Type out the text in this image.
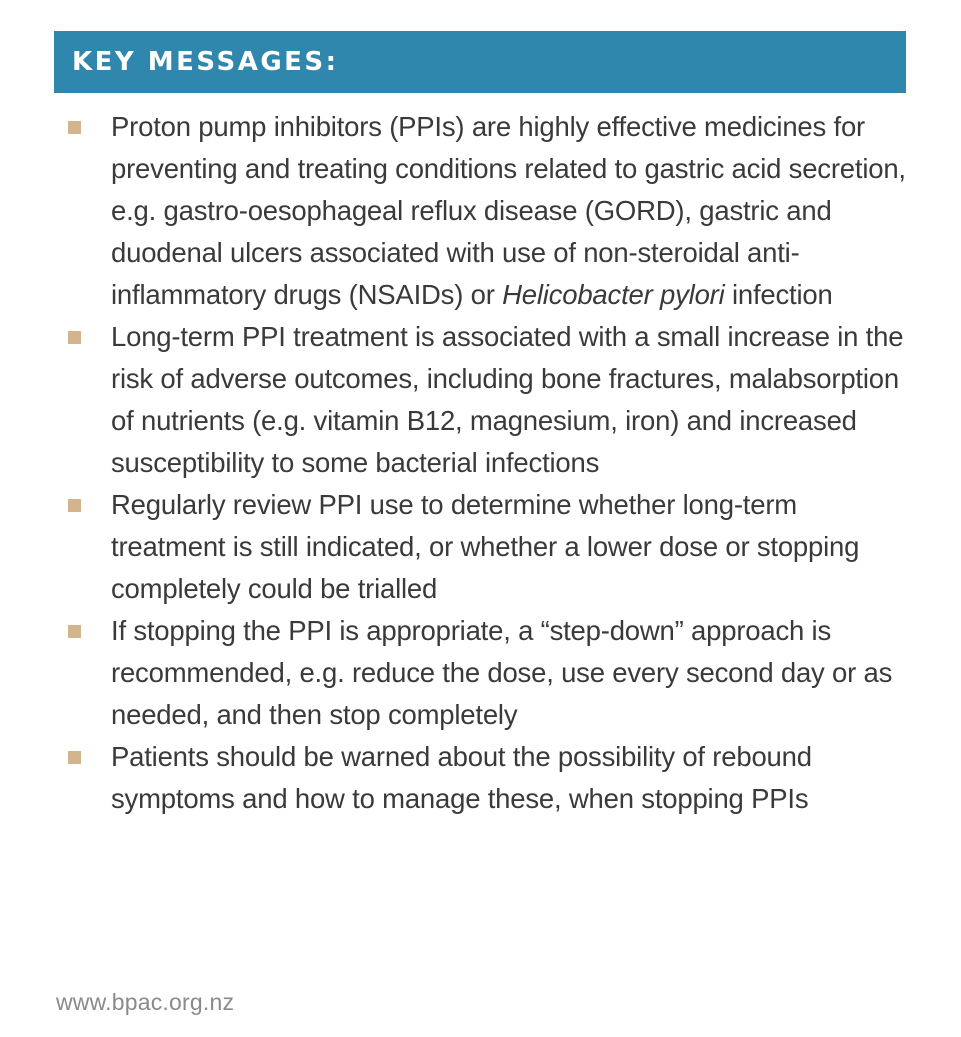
KEY MESSAGES:
Proton pump inhibitors (PPIs) are highly effective medicines for preventing and treating conditions related to gastric acid secretion, e.g. gastro-oesophageal reflux disease (GORD), gastric and duodenal ulcers associated with use of non-steroidal anti-inflammatory drugs (NSAIDs) or Helicobacter pylori infection
Long-term PPI treatment is associated with a small increase in the risk of adverse outcomes, including bone fractures, malabsorption of nutrients (e.g. vitamin B12, magnesium, iron) and increased susceptibility to some bacterial infections
Regularly review PPI use to determine whether long-term treatment is still indicated, or whether a lower dose or stopping completely could be trialled
If stopping the PPI is appropriate, a “step-down” approach is recommended, e.g. reduce the dose, use every second day or as needed, and then stop completely
Patients should be warned about the possibility of rebound symptoms and how to manage these, when stopping PPIs
www.bpac.org.nz
